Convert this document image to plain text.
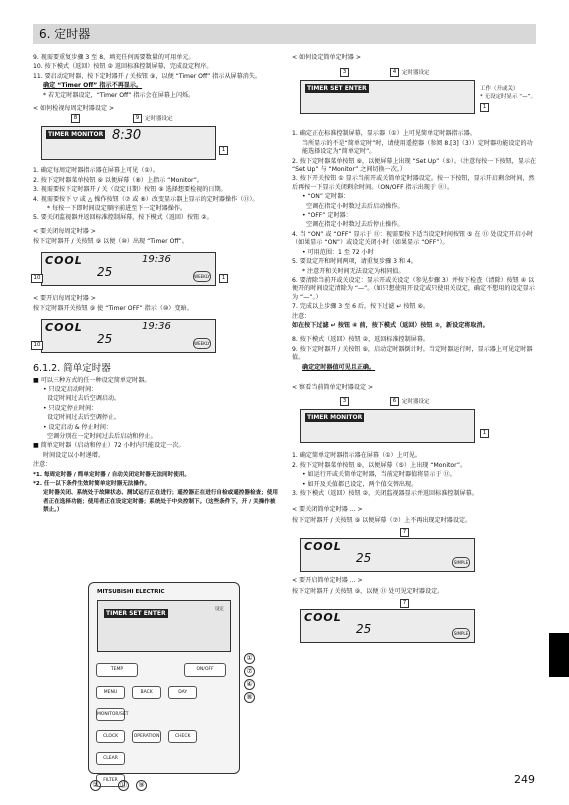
6. 定时器

9. 视需要重复步骤 3 至 8，填充任何需要数量的可用单元。

10. 按下模式（返回）按钮 ② 返回标准控制屏幕，完成设定程序。

11. 要启动定时器，按下定时器开 / 关按钮 ⑨，以便 “Timer Off” 指示从屏幕消失。

确定 “Timer Off” 指示不再显示。

* 若无定时器设定，“Timer Off” 指示会在屏幕上闪烁。

< 如何检视每周定时器设定 >

8	9	定时器设定
TIMER MONITOR 8:30
1

1. 确定每周定时器指示器在屏幕上可见（①）。

2. 按下定时器菜单按钮 ⑨ 以便屏幕（⑧）上指示 “Monitor”。

3. 视需要按下定时器开 / 关（设定日期）按钮 ⑨ 选择想要检视的日期。

4. 视需要按下 ▽ 或 △ 操作按钮（⑦ 或 ⑧）改变显示器上显示的定时器操作（⑪）。

* 每按一下即时间设定顺序前进至下一定时器操作。

5. 要关闭监视器并返回标准控制屏幕，按下模式（返回）按钮 ②。

< 要关闭每周定时器 >

按下定时器开 / 关按钮 ⑨ 以便（⑩）出现 “Timer Off”。

COOL	19:36
25	WEEKLY
10	1

< 要开启每周定时器 >

按下定时器开关按钮 ⑨ 使 “Timer OFF” 指示（⑩）变暗。

COOL	19:36
25	WEEKLY
10
6.1.2. 简单定时器

■ 可以三种方式的任一种设定简单定时器。

• 只设定启动时间：

设定时间过去后空调启动。

• 只设定停止时间：

设定时间过去后空调停止。

• 设定启动 & 停止时间：

空调分别在一定时间过去后启动和停止。

■ 简单定时器（启动和停止）72 小时内只能设定一次。

时间设定以小时递增。

注意：

*1. 每周定时器 / 简单定时器 / 自动关闭定时器无法同时使用。

*2. 任一以下条件生效时简单定时器无法操作。

定时器关闭、系统处于故障状态、测试运行正在进行；遥控器正在进行自检或遥控器检查；使用者正在选择功能；使用者正在设定定时器；系统处于中央控制下。（这些条件下，开 / 关操作被禁止。）

MITSUBISHI ELECTRIC
TIMER SET ENTER
设定
TEMP	ON/OFF
MENU	BACK	DAY MONITOR/SET
CLOCK	OPERATION	CHECK CLEAR
FILTER
①
⑦
④
⑧
②	⑪	⑨

< 如何设定简单定时器 >

3	4	定时器设定
TIMER SET ENTER	工作（开或关）
* 无设定时显示 “—”。
1

1. 确定正在标准控制屏幕，显示器（①）上可见简单定时器指示器。

当所显示的不是“简单定时”时，请使用遥控器（参阅 8.[3]（3））定时器功能设定的功能选择设定为“简单定时”。

2. 按下定时器菜单按钮 ⑨，以便屏幕上出现 “Set Up”（⑤）。（注意每按一下按钮，显示在 “Set Up” 与 “Monitor” 之间切换一次。）

3. 按下开关按钮 ① 显示当前开或关简单定时器设定。按一下按钮，显示开启剩余时间，然后再按一下显示关闭剩余时间。（ON/OFF 指示出现于 ⑪）。

• “ON” 定时器：

空调在指定小时数过去后启动操作。

• “OFF” 定时器：

空调在指定小时数过去后停止操作。

4. 当 “ON” 或 “OFF” 显示于 ⑪：视需要按下适当设定时间按钮 ⑤ 在 ⑪ 处设定开启小时（如果显示 “ON”）或设定关闭小时（如果显示 “OFF”）。

• 可用范围：1 至 72 小时

5. 要设定开和时间两项，请重复步骤 3 和 4。

* 注意开和关时间无法设定为相同值。

6. 要清除当前开或关设定：显示开或关设定（参见步骤 3）并按下检查（清除）按钮 ④ 以便开的时间设定清除为 “—”。（如只想使用开设定或只使用关设定，确定不想用的设定显示为 “—”。）

7. 完成以上步骤 3 至 6 后，按下过滤 ↵ 按钮 ⑥。

注意：

如在按下过滤 ↵ 按钮 ④ 前，按下模式（返回）按钮 ②，新设定将取消。

8. 按下模式（返回）按钮 ②，返回标准控制屏幕。

9. 按下定时器开 / 关按钮 ⑨，启动定时器倒计时。当定时器运行时，显示器上可见定时器值。

确定定时器值可见且正确。

< 察看当前简单定时器设定 >

3	6	定时器设定
TIMER MONITOR
1

1. 确定简单定时器指示器在屏幕（①）上可见。

2. 按下定时器菜单按钮 ⑨，以便屏幕（⑤）上出现 “Monitor”。

• 如运行开或关简单定时器，当前定时器值将显示于 ⑪。

• 如开及关值都已设定，两个值交替出现。

3. 按下模式（返回）按钮 ②，关闭监视器显示并返回标准控制屏幕。

< 要关闭简单定时器 ... >

按下定时器开 / 关按钮 ⑨ 以便屏幕（⑦）上不再出现定时器设定。

7
COOL
25	SIMPLE

< 要开启简单定时器 ... >

按下定时器开 / 关按钮 ⑨，以便 ⑪ 处可见定时器设定。

7
COOL
25	SIMPLE
249
